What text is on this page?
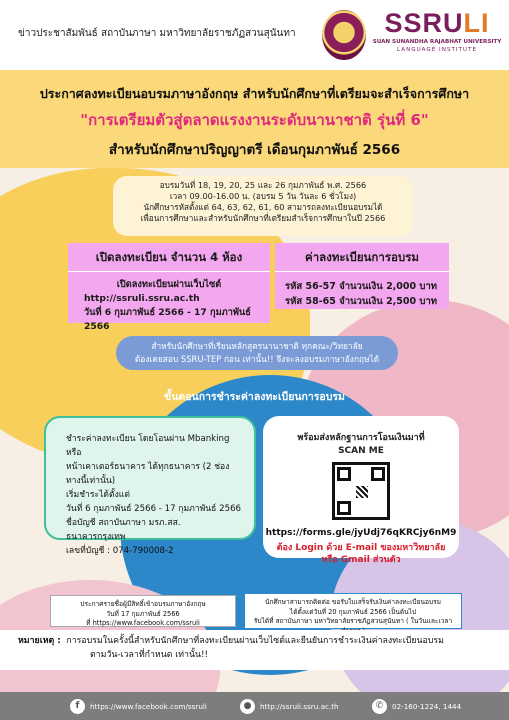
ข่าวประชาสัมพันธ์ สถาบันภาษา มหาวิทยาลัยราชภัฏสวนสุนันทา	SSRULI
SUAN SUNANDHA RAJABHAT UNIVERSITY
LANGUAGE INSTITUTE
ประกาศลงทะเบียนอบรมภาษาอังกฤษ สำหรับนักศึกษาที่เตรียมจะสำเร็จการศึกษา
"การเตรียมตัวสู่ตลาดแรงงานระดับนานาชาติ รุ่นที่ 6"
สำหรับนักศึกษาปริญญาตรี เดือนกุมภาพันธ์ 2566
อบรมวันที่ 18, 19, 20, 25 และ 26 กุมภาพันธ์ พ.ศ. 2566
เวลา 09.00-16.00 น. (อบรม 5 วัน วันละ 6 ชั่วโมง)
นักศึกษารหัสตั้งแต่ 64, 63, 62, 61, 60 สามารถลงทะเบียนอบรมได้
เพื่อนการศึกษาและสำหรับนักศึกษาที่เตรียมสำเร็จการศึกษาในปี 2566
เปิดลงทะเบียน จำนวน 4 ห้อง
เปิดลงทะเบียนผ่านเว็บไซต์
http://ssruli.ssru.ac.th
วันที่ 6 กุมภาพันธ์ 2566 - 17 กุมภาพันธ์ 2566
ค่าลงทะเบียนการอบรม
รหัส 56-57 จำนวนเงิน 2,000 บาท
รหัส 58-65 จำนวนเงิน 2,500 บาท
สำหรับนักศึกษาที่เรียนหลักสูตรนานาชาติ ทุกคณะ/วิทยาลัย
ต้องเคยสอบ SSRU-TEP ก่อน เท่านั้น!! จึงจะลงอบรมภาษาอังกฤษได้
ขั้นตอนการชำระค่าลงทะเบียนการอบรม
ชำระค่าลงทะเบียน โดยโอนผ่าน Mbanking หรือ
หน้าเคาเตอร์ธนาคาร ได้ทุกธนาคาร (2 ช่องทางนี้เท่านั้น)
เริ่มชำระได้ตั้งแต่
วันที่ 6 กุมภาพันธ์ 2566 - 17 กุมภาพันธ์ 2566
ชื่อบัญชี สถาบันภาษา มรภ.สส.
ธนาคารกรุงเทพ
เลขที่บัญชี : 074-790008-2
พร้อมส่งหลักฐานการโอนเงินมาที่
SCAN ME
https://forms.gle/jyUdj76qKRCjy6nM9
ต้อง Login ด้วย E-mail ของมหาวิทยาลัย
หรือ Gmail ส่วนตัว
ประกาศรายชื่อผู้มีสิทธิ์เข้าอบรมภาษาอังกฤษ
วันที่ 17 กุมภาพันธ์ 2566
ที่ https://www.facebook.com/ssruli
นักศึกษาสามารถติดต่อ ขอรับใบเสร็จรับเงินค่าลงทะเบียนอบรม
ได้ตั้งแต่วันที่ 20 กุมภาพันธ์ 2566 เป็นต้นไป
รับได้ที่ สถาบันภาษา มหาวิทยาลัยราชภัฏสวนสุนันทา ( ในวันและเวลา
หมายเหตุ : การอบรมในครั้งนี้สำหรับนักศึกษาที่ลงทะเบียนผ่านเว็บไซต์และยืนยันการชำระเงินค่าลงทะเบียนอบรม
ตามวัน-เวลาที่กำหนด เท่านั้น!!
f	https://www.facebook.com/ssruli	●	http://ssruli.ssru.ac.th	✆	02-160-1224, 1444
